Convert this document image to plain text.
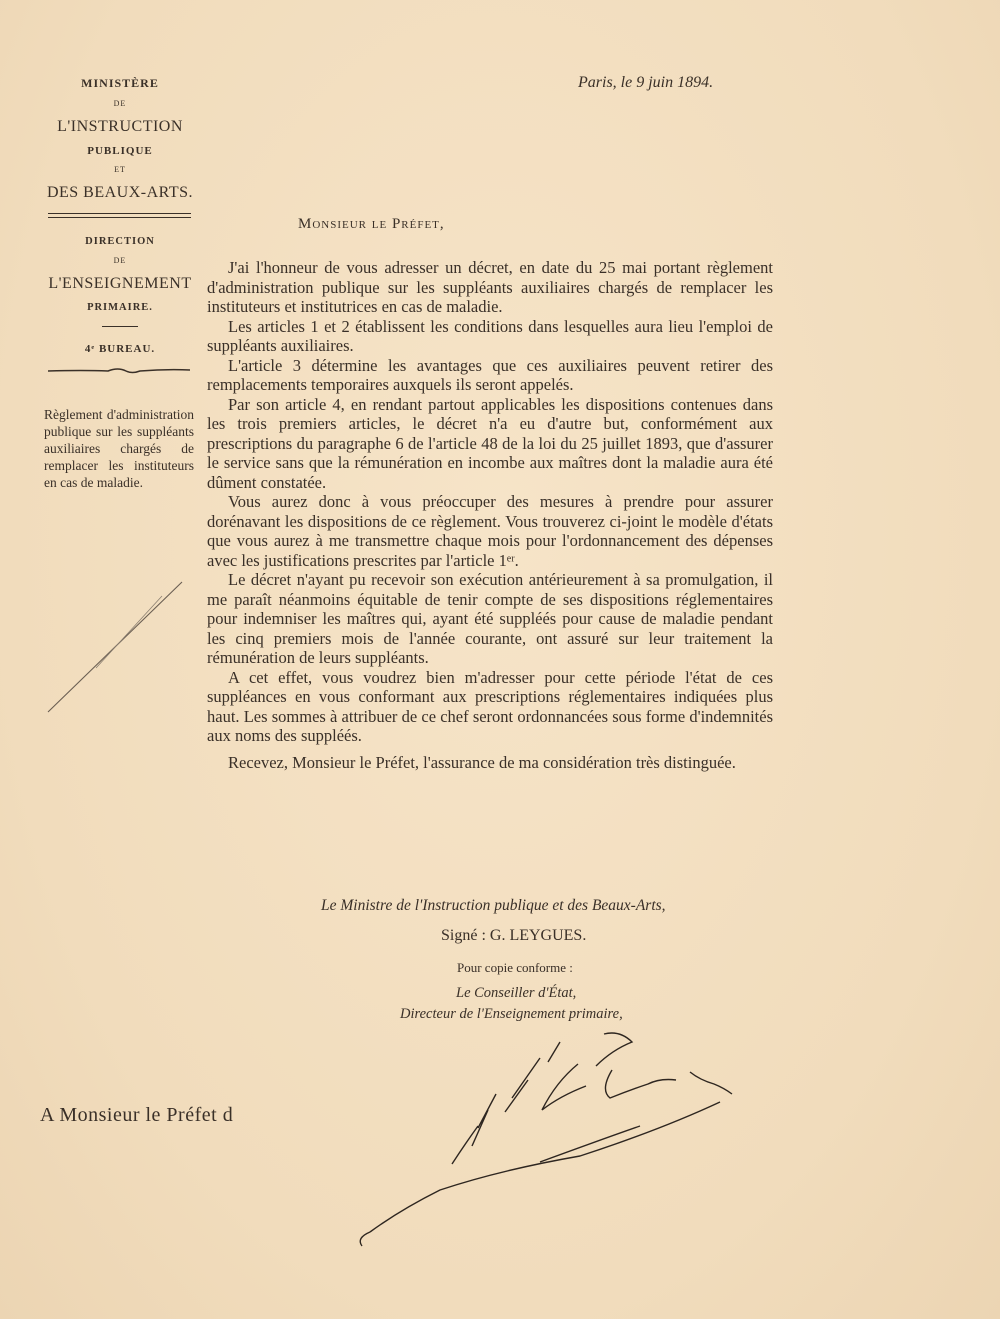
MINISTÈRE
DE
L'INSTRUCTION
PUBLIQUE
ET
DES BEAUX-ARTS.
DIRECTION
DE
L'ENSEIGNEMENT
PRIMAIRE.
4ᵉ BUREAU.
Règlement d'administration publique sur les suppléants auxiliaires chargés de remplacer les instituteurs en cas de maladie.
Paris, le 9 juin 1894.
Monsieur le Préfet,

J'ai l'honneur de vous adresser un décret, en date du 25 mai portant règlement d'administration publique sur les suppléants auxiliaires chargés de remplacer les instituteurs et institutrices en cas de maladie.

Les articles 1 et 2 établissent les conditions dans lesquelles aura lieu l'emploi de suppléants auxiliaires.

L'article 3 détermine les avantages que ces auxiliaires peuvent retirer des remplacements temporaires auxquels ils seront appelés.

Par son article 4, en rendant partout applicables les dispositions contenues dans les trois premiers articles, le décret n'a eu d'autre but, conformément aux prescriptions du paragraphe 6 de l'article 48 de la loi du 25 juillet 1893, que d'assurer le service sans que la rémunération en incombe aux maîtres dont la maladie aura été dûment constatée.

Vous aurez donc à vous préoccuper des mesures à prendre pour assurer dorénavant les dispositions de ce règlement. Vous trouverez ci-joint le modèle d'états que vous aurez à me transmettre chaque mois pour l'ordonnancement des dépenses avec les justifications prescrites par l'article 1ᵉʳ.

Le décret n'ayant pu recevoir son exécution antérieurement à sa promulgation, il me paraît néanmoins équitable de tenir compte de ses dispositions réglementaires pour indemniser les maîtres qui, ayant été suppléés pour cause de maladie pendant les cinq premiers mois de l'année courante, ont assuré sur leur traitement la rémunération de leurs suppléants.

A cet effet, vous voudrez bien m'adresser pour cette période l'état de ces suppléances en vous conformant aux prescriptions réglementaires indiquées plus haut. Les sommes à attribuer de ce chef seront ordonnancées sous forme d'indemnités aux noms des suppléés.

Recevez, Monsieur le Préfet, l'assurance de ma considération très distinguée.

Le Ministre de l'Instruction publique et des Beaux-Arts,
Signé : G. LEYGUES.
Pour copie conforme :
Le Conseiller d'État,
Directeur de l'Enseignement primaire,
A Monsieur le Préfet d
